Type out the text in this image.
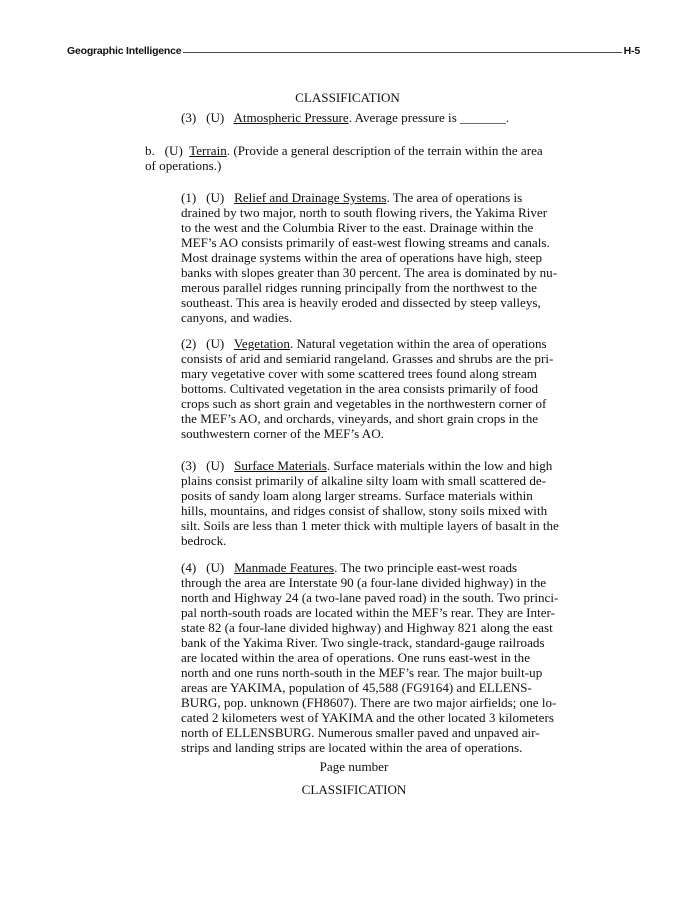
Geographic Intelligence	H-5
CLASSIFICATION
(3) (U) Atmospheric Pressure. Average pressure is _______.
b. (U) Terrain. (Provide a general description of the terrain within the area
of operations.)
(1) (U) Relief and Drainage Systems. The area of operations is
drained by two major, north to south flowing rivers, the Yakima River
to the west and the Columbia River to the east. Drainage within the
MEF’s AO consists primarily of east-west flowing streams and canals.
Most drainage systems within the area of operations have high, steep
banks with slopes greater than 30 percent. The area is dominated by nu-
merous parallel ridges running principally from the northwest to the
southeast. This area is heavily eroded and dissected by steep valleys,
canyons, and wadies.
(2) (U) Vegetation. Natural vegetation within the area of operations
consists of arid and semiarid rangeland. Grasses and shrubs are the pri-
mary vegetative cover with some scattered trees found along stream
bottoms. Cultivated vegetation in the area consists primarily of food
crops such as short grain and vegetables in the northwestern corner of
the MEF’s AO, and orchards, vineyards, and short grain crops in the
southwestern corner of the MEF’s AO.
(3) (U) Surface Materials. Surface materials within the low and high
plains consist primarily of alkaline silty loam with small scattered de-
posits of sandy loam along larger streams. Surface materials within
hills, mountains, and ridges consist of shallow, stony soils mixed with
silt. Soils are less than 1 meter thick with multiple layers of basalt in the
bedrock.
(4) (U) Manmade Features. The two principle east-west roads
through the area are Interstate 90 (a four-lane divided highway) in the
north and Highway 24 (a two-lane paved road) in the south. Two princi-
pal north-south roads are located within the MEF’s rear. They are Inter-
state 82 (a four-lane divided highway) and Highway 821 along the east
bank of the Yakima River. Two single-track, standard-gauge railroads
are located within the area of operations. One runs east-west in the
north and one runs north-south in the MEF’s rear. The major built-up
areas are YAKIMA, population of 45,588 (FG9164) and ELLENS-
BURG, pop. unknown (FH8607). There are two major airfields; one lo-
cated 2 kilometers west of YAKIMA and the other located 3 kilometers
north of ELLENSBURG. Numerous smaller paved and unpaved air-
strips and landing strips are located within the area of operations.
Page number
CLASSIFICATION
